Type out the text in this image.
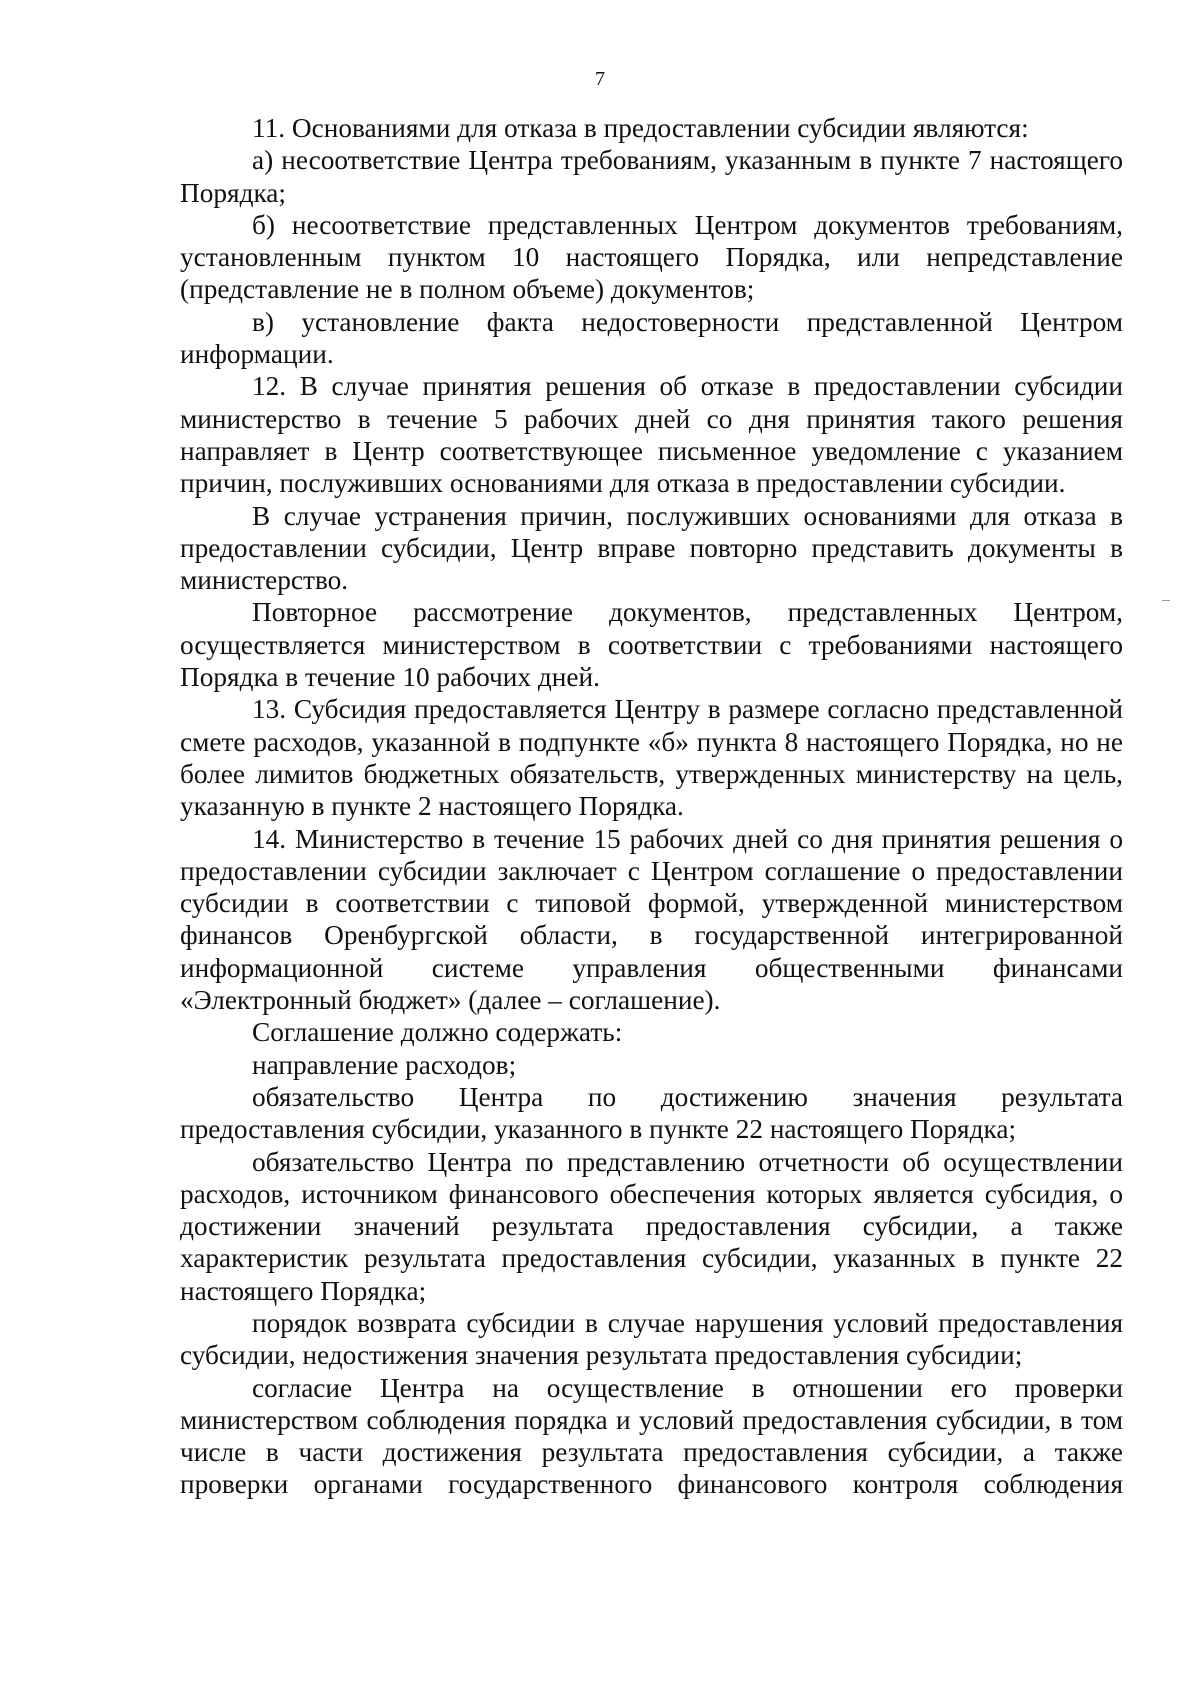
7

11. Основаниями для отказа в предоставлении субсидии являются:

а) несоответствие Центра требованиям, указанным в пункте 7 настоящего Порядка;

б) несоответствие представленных Центром документов требованиям, установленным пунктом 10 настоящего Порядка, или непредставление (представление не в полном объеме) документов;

в) установление факта недостоверности представленной Центром информации.

12. В случае принятия решения об отказе в предоставлении субсидии министерство в течение 5 рабочих дней со дня принятия такого решения направляет в Центр соответствующее письменное уведомление с указанием причин, послуживших основаниями для отказа в предоставлении субсидии.

В случае устранения причин, послуживших основаниями для отказа в предоставлении субсидии, Центр вправе повторно представить документы в министерство.

Повторное рассмотрение документов, представленных Центром, осуществляется министерством в соответствии с требованиями настоящего Порядка в течение 10 рабочих дней.

13. Субсидия предоставляется Центру в размере согласно представленной смете расходов, указанной в подпункте «б» пункта 8 настоящего Порядка, но не более лимитов бюджетных обязательств, утвержденных министерству на цель, указанную в пункте 2 настоящего Порядка.

14. Министерство в течение 15 рабочих дней со дня принятия решения о предоставлении субсидии заключает с Центром соглашение о предоставлении субсидии в соответствии с типовой формой, утвержденной министерством финансов Оренбургской области, в государственной интегрированной информационной системе управления общественными финансами «Электронный бюджет» (далее – соглашение).

Соглашение должно содержать:

направление расходов;

обязательство Центра по достижению значения результата предоставления субсидии, указанного в пункте 22 настоящего Порядка;

обязательство Центра по представлению отчетности об осуществлении расходов, источником финансового обеспечения которых является субсидия, о достижении значений результата предоставления субсидии, а также характеристик результата предоставления субсидии, указанных в пункте 22 настоящего Порядка;

порядок возврата субсидии в случае нарушения условий предоставления субсидии, недостижения значения результата предоставления субсидии;

согласие Центра на осуществление в отношении его проверки министерством соблюдения порядка и условий предоставления субсидии, в том числе в части достижения результата предоставления субсидии, а также проверки органами государственного финансового контроля соблюдения
